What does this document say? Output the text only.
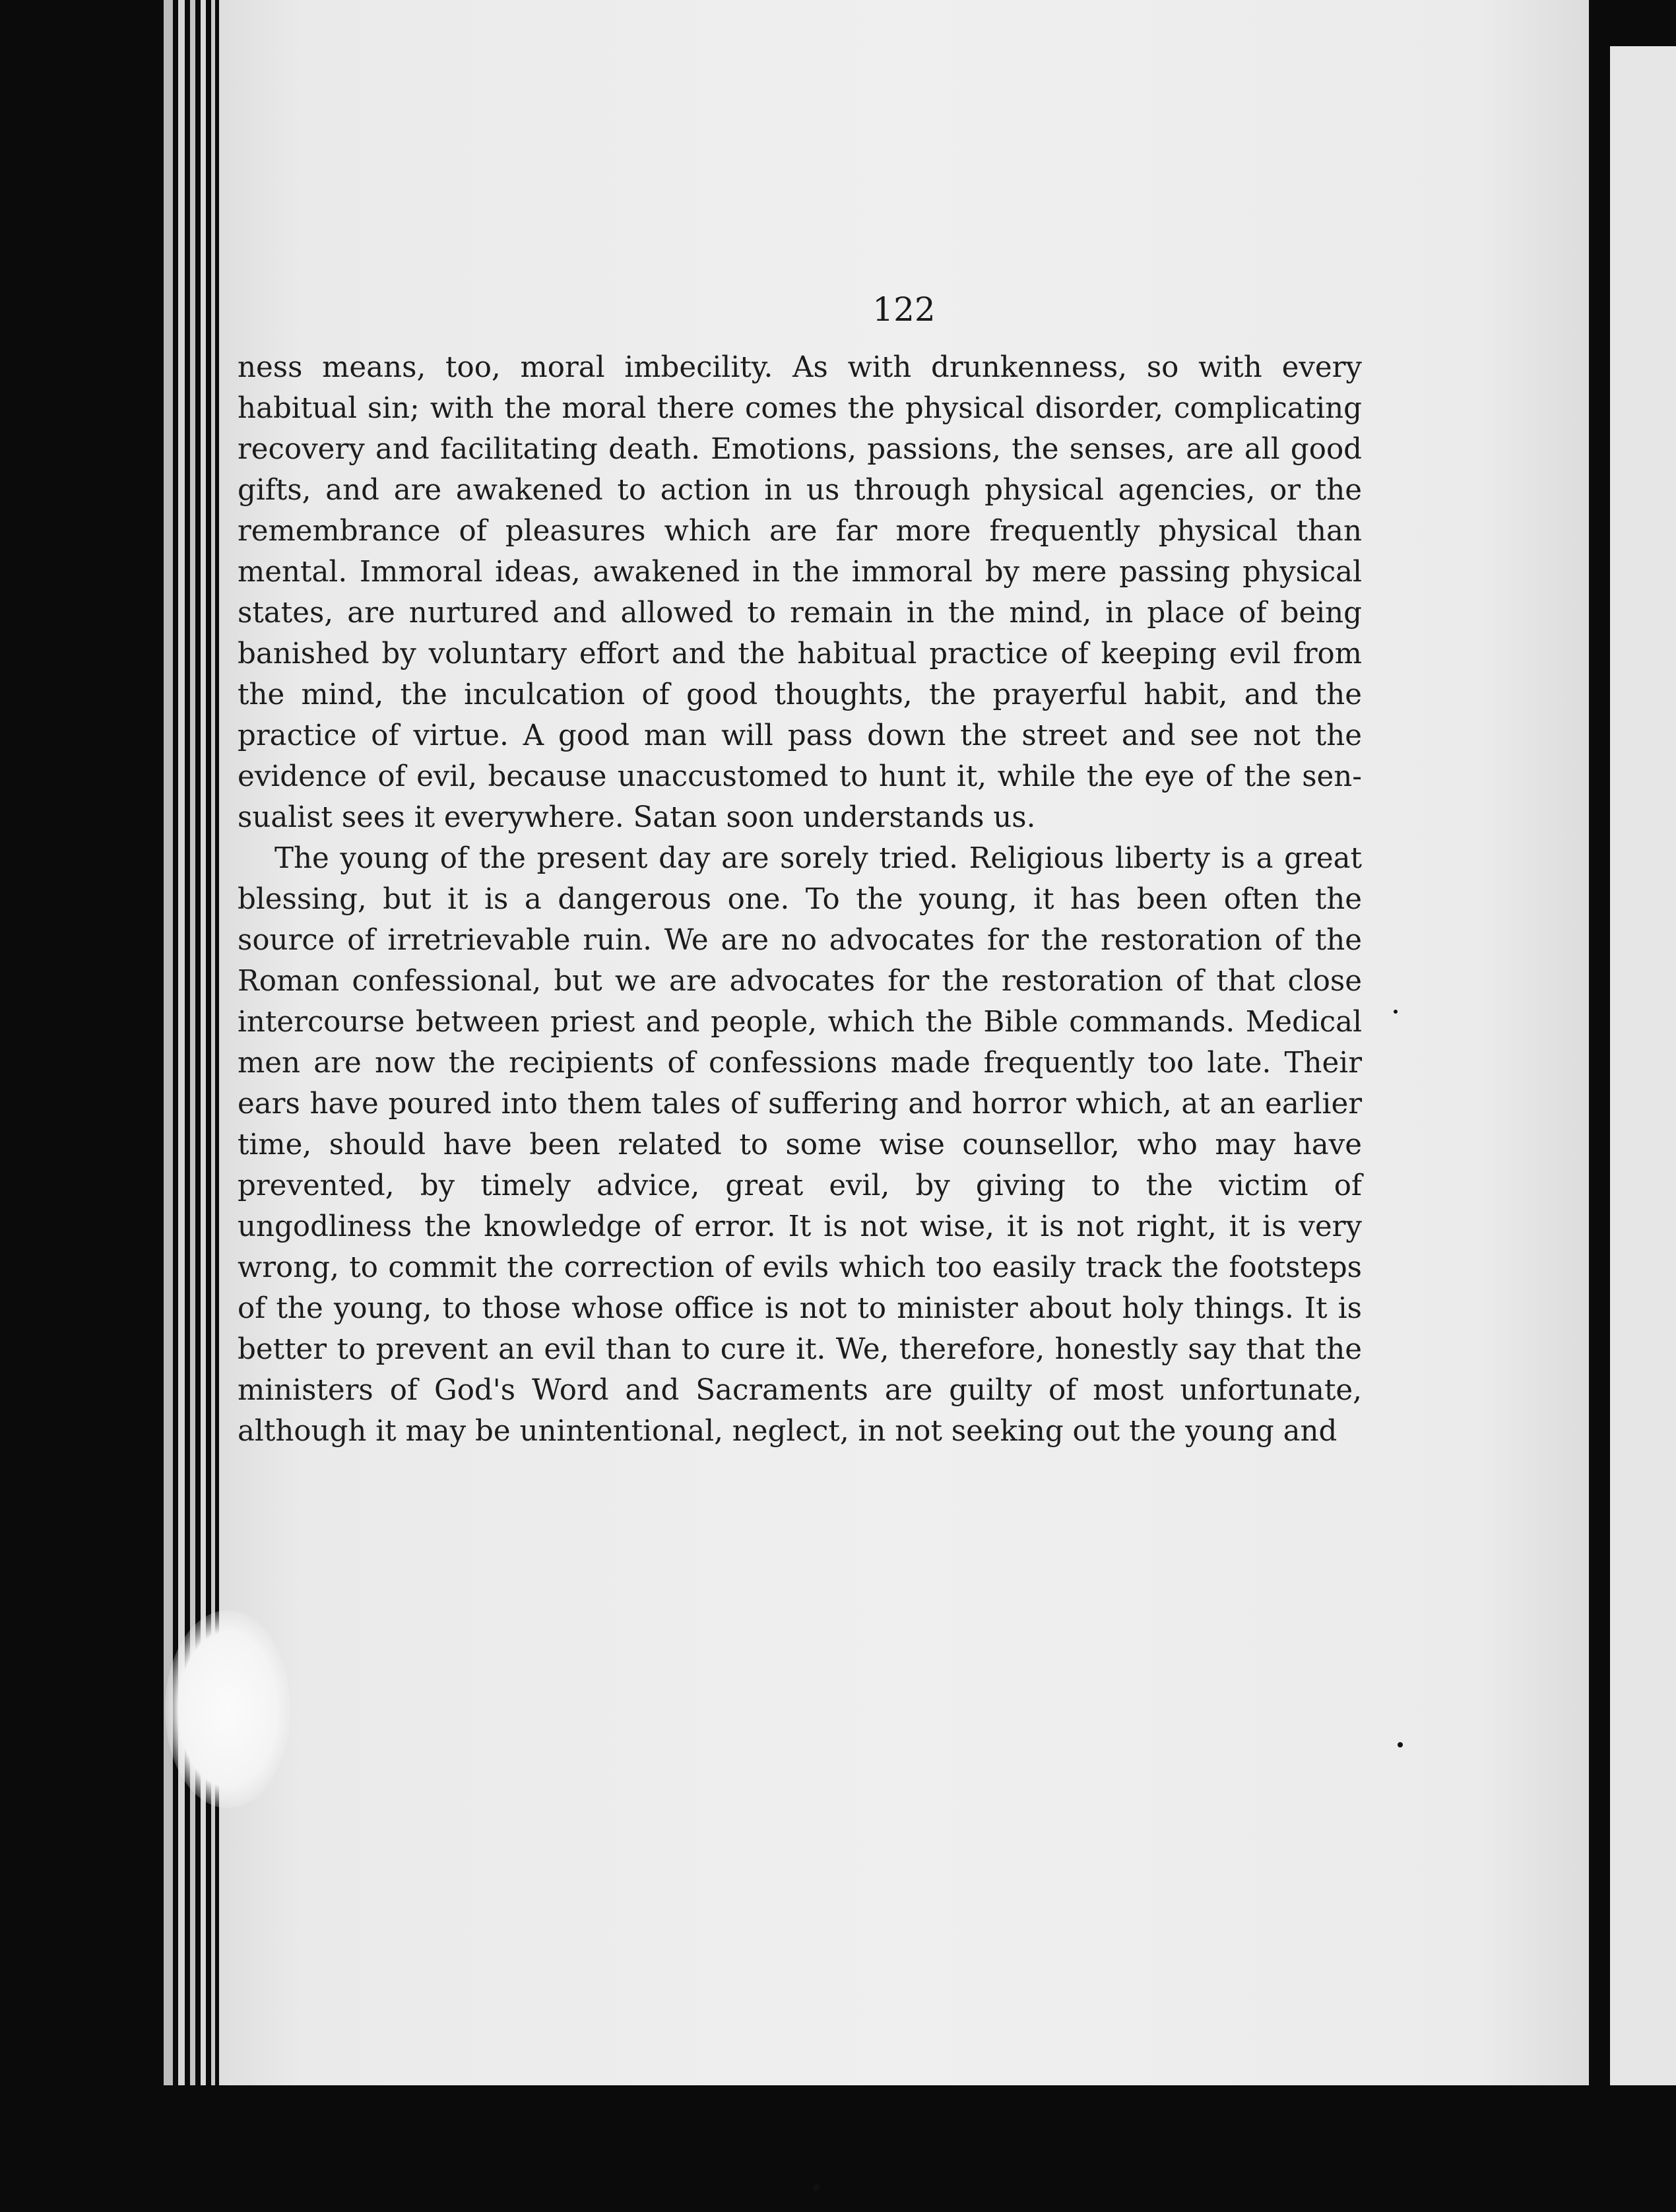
122

ness means, too, moral imbecility. As with drunkenness, so with every habitual sin; with the moral there comes the physical disorder, complicating recovery and facilitating death. Emotions, passions, the senses, are all good gifts, and are awakened to action in us through physical agencies, or the remembrance of pleasures which are far more frequently physical than mental. Immoral ideas, awakened in the immoral by mere passing physical states, are nurtured and allowed to remain in the mind, in place of being banished by voluntary effort and the habitual practice of keeping evil from the mind, the inculcation of good thoughts, the prayerful habit, and the practice of virtue. A good man will pass down the street and see not the evidence of evil, because unaccustomed to hunt it, while the eye of the sensualist sees it everywhere. Satan soon understands us.

The young of the present day are sorely tried. Religious liberty is a great blessing, but it is a dangerous one. To the young, it has been often the source of irretrievable ruin. We are no advocates for the restoration of the Roman confessional, but we are advocates for the restoration of that close intercourse between priest and people, which the Bible commands. Medical men are now the recipients of confessions made frequently too late. Their ears have poured into them tales of suffering and horror which, at an earlier time, should have been related to some wise counsellor, who may have prevented, by timely advice, great evil, by giving to the victim of ungodliness the knowledge of error. It is not wise, it is not right, it is very wrong, to commit the correction of evils which too easily track the footsteps of the young, to those whose office is not to minister about holy things. It is better to prevent an evil than to cure it. We, therefore, honestly say that the ministers of God's Word and Sacraments are guilty of most unfortunate, although it may be unintentional, neglect, in not seeking out the young and
